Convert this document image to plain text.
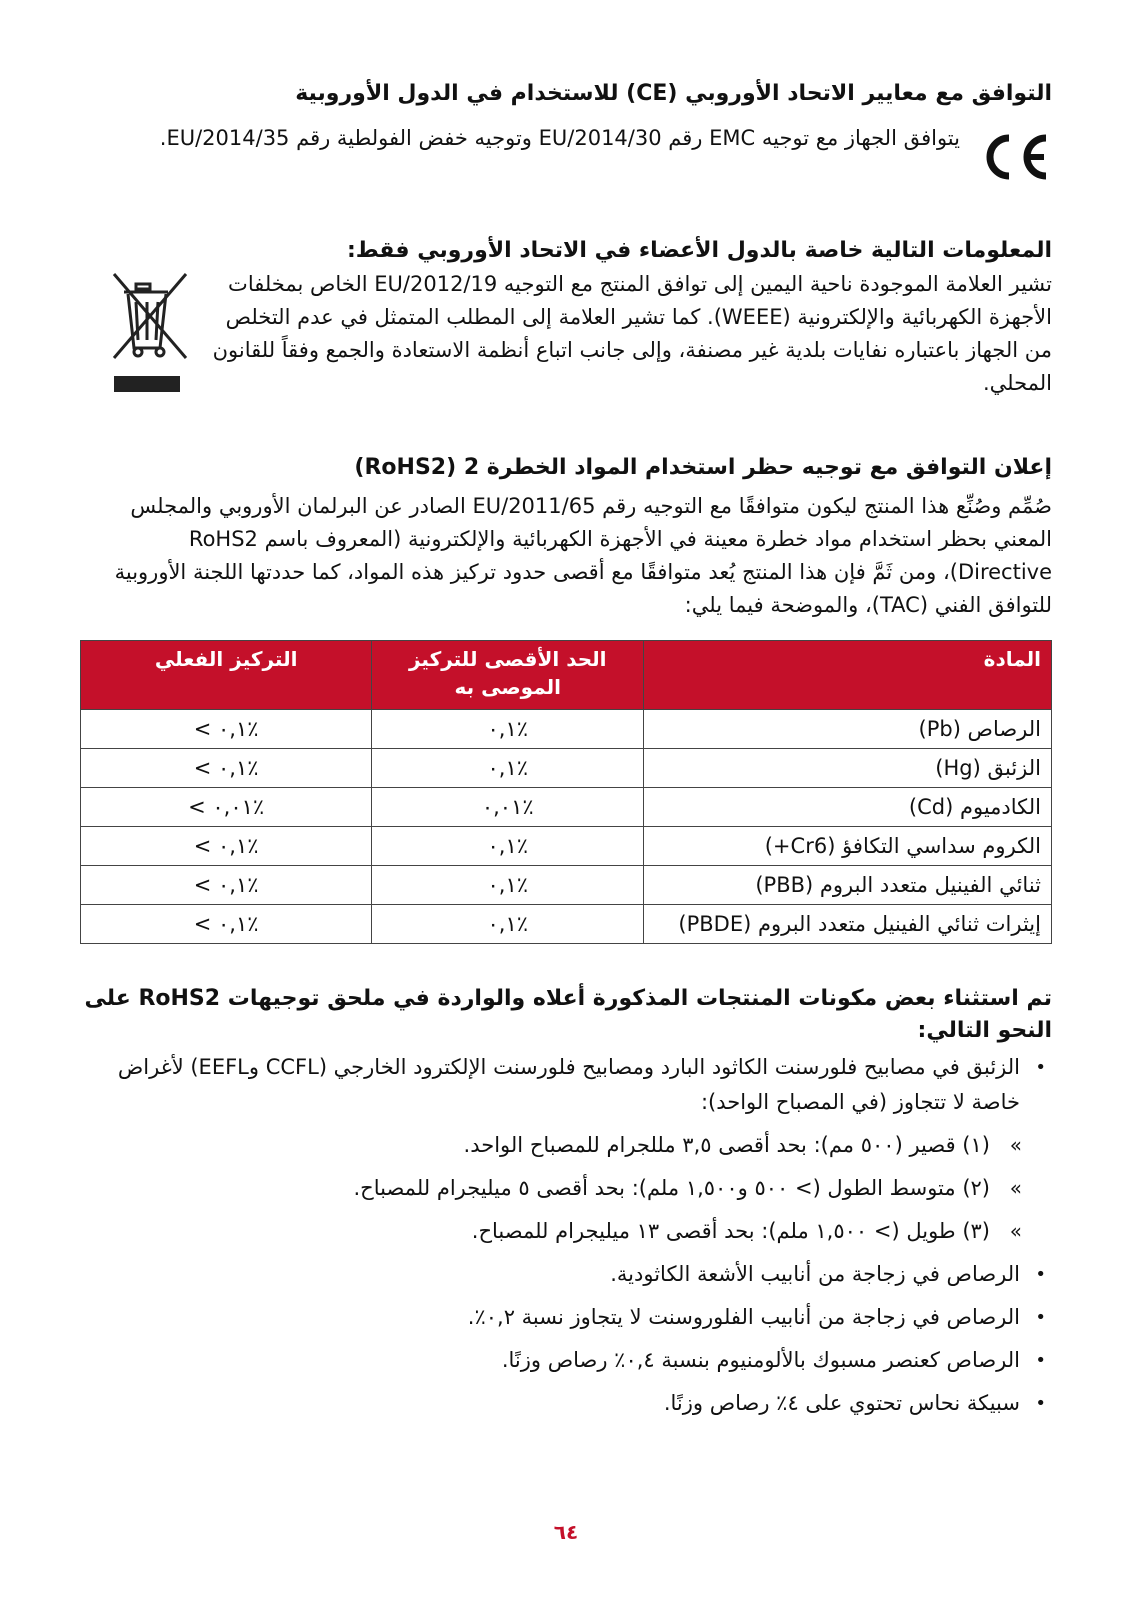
التوافق مع معايير الاتحاد الأوروبي (CE) للاستخدام في الدول الأوروبية

يتوافق الجهاز مع توجيه EMC رقم 2014/30/EU وتوجيه خفض الفولطية رقم 2014/35/EU.

المعلومات التالية خاصة بالدول الأعضاء في الاتحاد الأوروبي فقط:

تشير العلامة الموجودة ناحية اليمين إلى توافق المنتج مع التوجيه 2012/19/EU الخاص بمخلفات الأجهزة الكهربائية والإلكترونية (WEEE). كما تشير العلامة إلى المطلب المتمثل في عدم التخلص من الجهاز باعتباره نفايات بلدية غير مصنفة، وإلى جانب اتباع أنظمة الاستعادة والجمع وفقاً للقانون المحلي.

إعلان التوافق مع توجيه حظر استخدام المواد الخطرة 2 (RoHS2)

صُمِّم وصُنِّع هذا المنتج ليكون متوافقًا مع التوجيه رقم 2011/65/EU الصادر عن البرلمان الأوروبي والمجلس المعني بحظر استخدام مواد خطرة معينة في الأجهزة الكهربائية والإلكترونية (المعروف باسم RoHS2 Directive)، ومن ثَمَّ فإن هذا المنتج يُعد متوافقًا مع أقصى حدود تركيز هذه المواد، كما حددتها اللجنة الأوروبية للتوافق الفني (TAC)، والموضحة فيما يلي:

المادة	الحد الأقصى للتركيز الموصى به	التركيز الفعلي
الرصاص (Pb)	٠,١٪	< ٠,١٪
الزئبق (Hg)	٠,١٪	< ٠,١٪
الكادميوم (Cd)	٠,٠١٪	< ٠,٠١٪
الكروم سداسي التكافؤ (Cr6+)	٠,١٪	< ٠,١٪
ثنائي الفينيل متعدد البروم (PBB)	٠,١٪	< ٠,١٪
إيثرات ثنائي الفينيل متعدد البروم (PBDE)	٠,١٪	< ٠,١٪
تم استثناء بعض مكونات المنتجات المذكورة أعلاه والواردة في ملحق توجيهات RoHS2 على النحو التالي:
•
الزئبق في مصابيح فلورسنت الكاثود البارد ومصابيح فلورسنت الإلكترود الخارجي (CCFL وEEFL) لأغراض خاصة لا تتجاوز (في المصباح الواحد):
»
(١) قصير (٥٠٠ مم): بحد أقصى ٣,٥ مللجرام للمصباح الواحد.
»
(٢) متوسط الطول (> ٥٠٠ و١,٥٠٠ ملم): بحد أقصى ٥ ميليجرام للمصباح.
»
(٣) طويل (> ١,٥٠٠ ملم): بحد أقصى ١٣ ميليجرام للمصباح.
•
الرصاص في زجاجة من أنابيب الأشعة الكاثودية.
•
الرصاص في زجاجة من أنابيب الفلوروسنت لا يتجاوز نسبة ٠,٢٪.
•
الرصاص كعنصر مسبوك بالألومنيوم بنسبة ٠,٤٪ رصاص وزنًا.
•
سبيكة نحاس تحتوي على ٤٪ رصاص وزنًا.
٦٤
